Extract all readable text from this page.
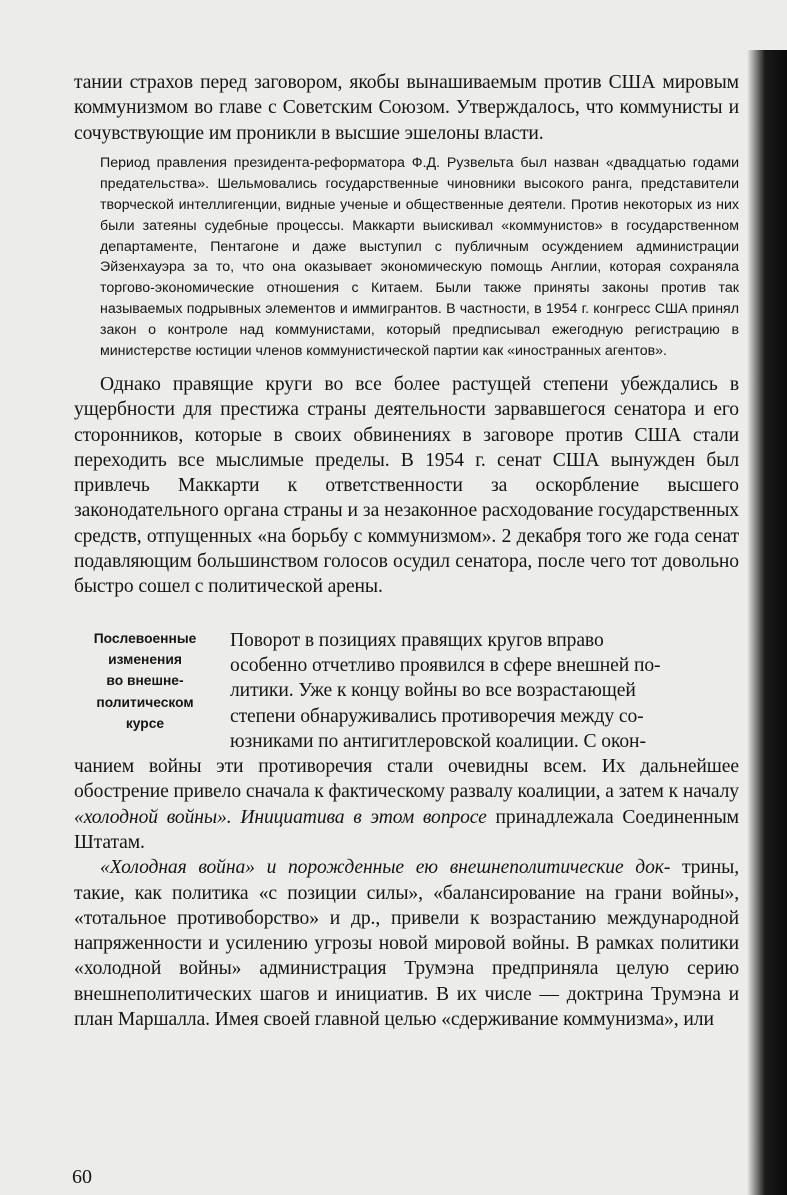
тании страхов перед заговором, якобы вынашиваемым против США мировым коммунизмом во главе с Советским Союзом. Утверждалось, что коммунисты и сочувствующие им проникли в высшие эшелоны власти.

Период правления президента-реформатора Ф.Д. Рузвельта был назван «двадцатью годами предательства». Шельмовались государственные чиновники высокого ранга, представители творческой интеллигенции, видные ученые и общественные деятели. Против некоторых из них были затеяны судебные процессы. Маккарти выискивал «коммунистов» в государственном департаменте, Пентагоне и даже выступил с публичным осуждением администрации Эйзенхауэра за то, что она оказывает экономическую помощь Англии, которая сохраняла торгово-экономические отношения с Китаем. Были также приняты законы против так называемых подрывных элементов и иммигрантов. В частности, в 1954 г. конгресс США принял закон о контроле над коммунистами, который предписывал ежегодную регистрацию в министерстве юстиции членов коммунистической партии как «иностранных агентов».

Однако правящие круги во все более растущей степени убеждались в ущербности для престижа страны деятельности зарвавшегося сенатора и его сторонников, которые в своих обвинениях в заговоре против США стали переходить все мыслимые пределы. В 1954 г. сенат США вынужден был привлечь Маккарти к ответственности за оскорбление высшего законодательного органа страны и за незаконное расходование государственных средств, отпущенных «на борьбу с коммунизмом». 2 декабря того же года сенат подавляющим большинством голосов осудил сенатора, после чего тот довольно быстро сошел с политической арены.

Послевоенные
изменения
во внешне-
политическом
курсе
Поворот в позициях правящих кругов вправо
особенно отчетливо проявился в сфере внешней по-
литики. Уже к концу войны во все возрастающей
степени обнаруживались противоречия между со-
юзниками по антигитлеровской коалиции. С окон-

чанием войны эти противоречия стали очевидны всем. Их дальнейшее обострение привело сначала к фактическому развалу коалиции, а затем к началу «холодной войны». Инициатива в этом вопросе принадлежала Соединенным Штатам.

«Холодная война» и порожденные ею внешнеполитические док- трины, такие, как политика «с позиции силы», «балансирование на грани войны», «тотальное противоборство» и др., привели к возрастанию международной напряженности и усилению угрозы новой мировой войны. В рамках политики «холодной войны» администрация Трумэна предприняла целую серию внешнеполитических шагов и инициатив. В их числе — доктрина Трумэна и план Маршалла. Имея своей главной целью «сдерживание коммунизма», или

60
